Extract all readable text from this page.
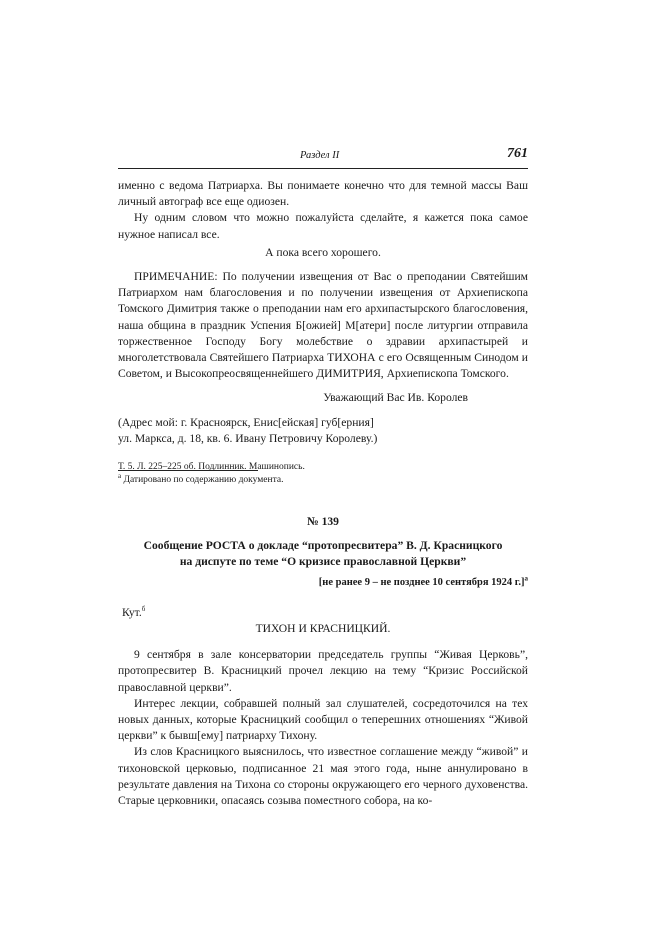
Раздел II	761

именно с ведома Патриарха. Вы понимаете конечно что для темной массы Ваш личный автограф все еще одиозен.

Ну одним словом что можно пожалуйста сделайте, я кажется пока самое нужное написал все.

А пока всего хорошего.

ПРИМЕЧАНИЕ: По получении извещения от Вас о преподании Святейшим Патриархом нам благословения и по получении извещения от Архиепископа Томского Димитрия также о преподании нам его архипастырского благословения, наша община в праздник Успения Б[ожией] М[атери] после литургии отправила торжественное Господу Богу молебствие о здравии архипастырей и многолетствовала Святейшего Патриарха ТИХОНА с его Освященным Синодом и Советом, и Высокопреосвященнейшего ДИМИТРИЯ, Архиепископа Томского.

Уважающий Вас Ив. Королев

(Адрес мой: г. Красноярск, Енис[ейская] губ[ерния]

ул. Маркса, д. 18, кв. 6. Ивану Петровичу Королеву.)

Т. 5. Л. 225–225 об. Подлинник. Машинопись.

$^а$ Датировано по содержанию документа.

№ 139

Сообщение РОСТА о докладе “протопресвитера” В. Д. Красницкого

на диспуте по теме “О кризисе православной Церкви”

[не ранее 9 – не позднее 10 сентября 1924 г.]$^а$

Кут.$^б$

ТИХОН И КРАСНИЦКИЙ.

9 сентября в зале консерватории председатель группы “Живая Церковь”, протопресвитер В. Красницкий прочел лекцию на тему “Кризис Российской православной церкви”.

Интерес лекции, собравшей полный зал слушателей, сосредоточился на тех новых данных, которые Красницкий сообщил о теперешних отношениях “Живой церкви” к бывш[ему] патриарху Тихону.

Из слов Красницкого выяснилось, что известное соглашение между “живой” и тихоновской церковью, подписанное 21 мая этого года, ныне аннулировано в результате давления на Тихона со стороны окружающего его черного духовенства. Старые церковники, опасаясь созыва поместного собора, на ко-
